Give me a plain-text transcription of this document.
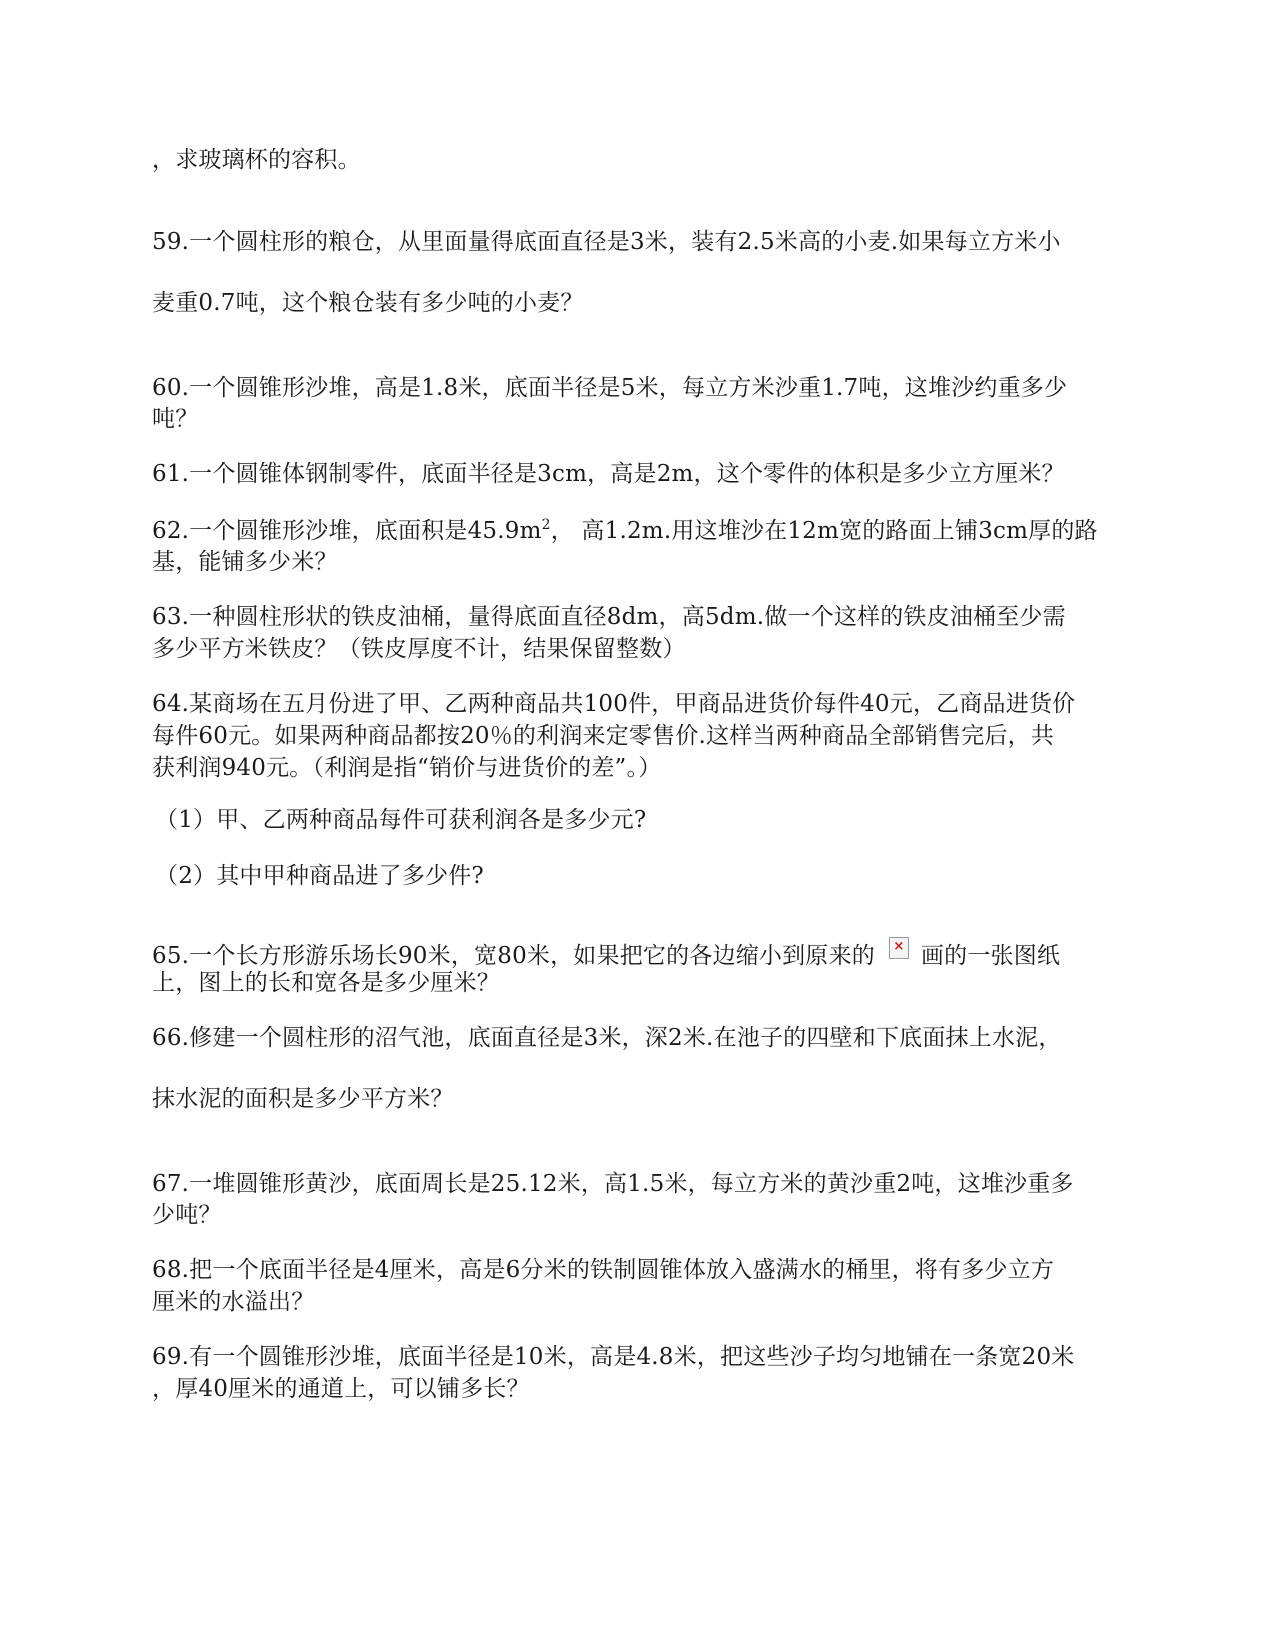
，求玻璃杯的容积。
59.一个圆柱形的粮仓，从里面量得底面直径是3米，装有2.5米高的小麦.如果每立方米小
麦重0.7吨，这个粮仓装有多少吨的小麦？
60.一个圆锥形沙堆，高是1.8米，底面半径是5米，每立方米沙重1.7吨，这堆沙约重多少
吨？
61.一个圆锥体钢制零件，底面半径是3cm，高是2m，这个零件的体积是多少立方厘米？
62.一个圆锥形沙堆，底面积是$45.9m^2$， 高1.2m.用这堆沙在12m宽的路面上铺3cm厚的路
基，能铺多少米？
63.一种圆柱形状的铁皮油桶，量得底面直径8dm，高5dm.做一个这样的铁皮油桶至少需
多少平方米铁皮？（铁皮厚度不计，结果保留整数）
64.某商场在五月份进了甲、乙两种商品共100件，甲商品进货价每件40元，乙商品进货价
每件60元。如果两种商品都按20％的利润来定零售价.这样当两种商品全部销售完后，共
获利润940元。（利润是指“销价与进货价的差”。）
（1）甲、乙两种商品每件可获利润各是多少元?
（2）其中甲种商品进了多少件?
65.一个长方形游乐场长90米，宽80米，如果把它的各边缩小到原来的 × 画的一张图纸
上，图上的长和宽各是多少厘米？
66.修建一个圆柱形的沼气池，底面直径是3米，深2米.在池子的四壁和下底面抹上水泥，
抹水泥的面积是多少平方米？
67.一堆圆锥形黄沙，底面周长是25.12米，高1.5米，每立方米的黄沙重2吨，这堆沙重多
少吨？
68.把一个底面半径是4厘米，高是6分米的铁制圆锥体放入盛满水的桶里，将有多少立方
厘米的水溢出？
69.有一个圆锥形沙堆，底面半径是10米，高是4.8米，把这些沙子均匀地铺在一条宽20米
，厚40厘米的通道上，可以铺多长？
